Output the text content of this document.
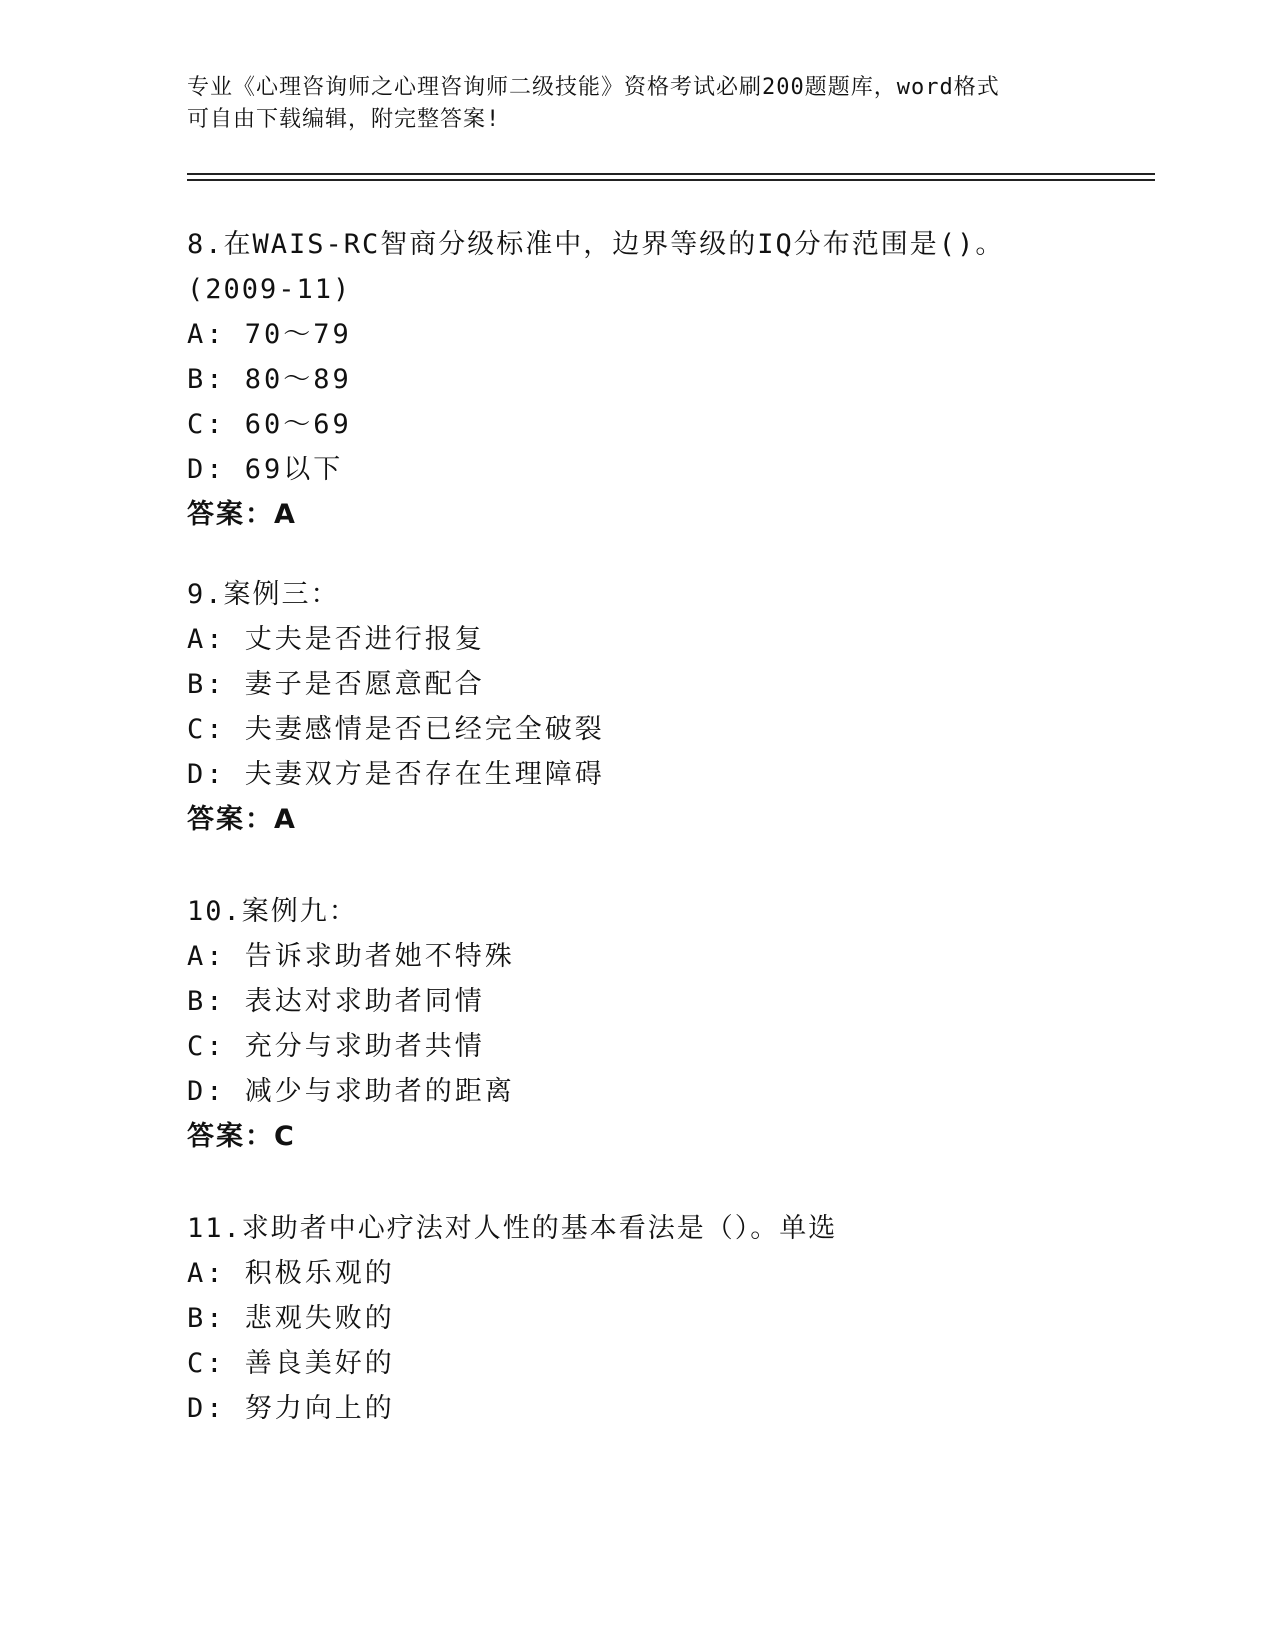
专业《心理咨询师之心理咨询师二级技能》资格考试必刷200题题库，word格式
可自由下载编辑，附完整答案!
8.在WAIS-RC智商分级标准中，边界等级的IQ分布范围是()。(2009-11)
A: 70～79
B: 80～89
C: 60～69
D: 69以下
答案：A
9.案例三：
A: 丈夫是否进行报复
B: 妻子是否愿意配合
C: 夫妻感情是否已经完全破裂
D: 夫妻双方是否存在生理障碍
答案：A
10.案例九：
A: 告诉求助者她不特殊
B: 表达对求助者同情
C: 充分与求助者共情
D: 减少与求助者的距离
答案：C
11.求助者中心疗法对人性的基本看法是（）。单选
A: 积极乐观的
B: 悲观失败的
C: 善良美好的
D: 努力向上的
